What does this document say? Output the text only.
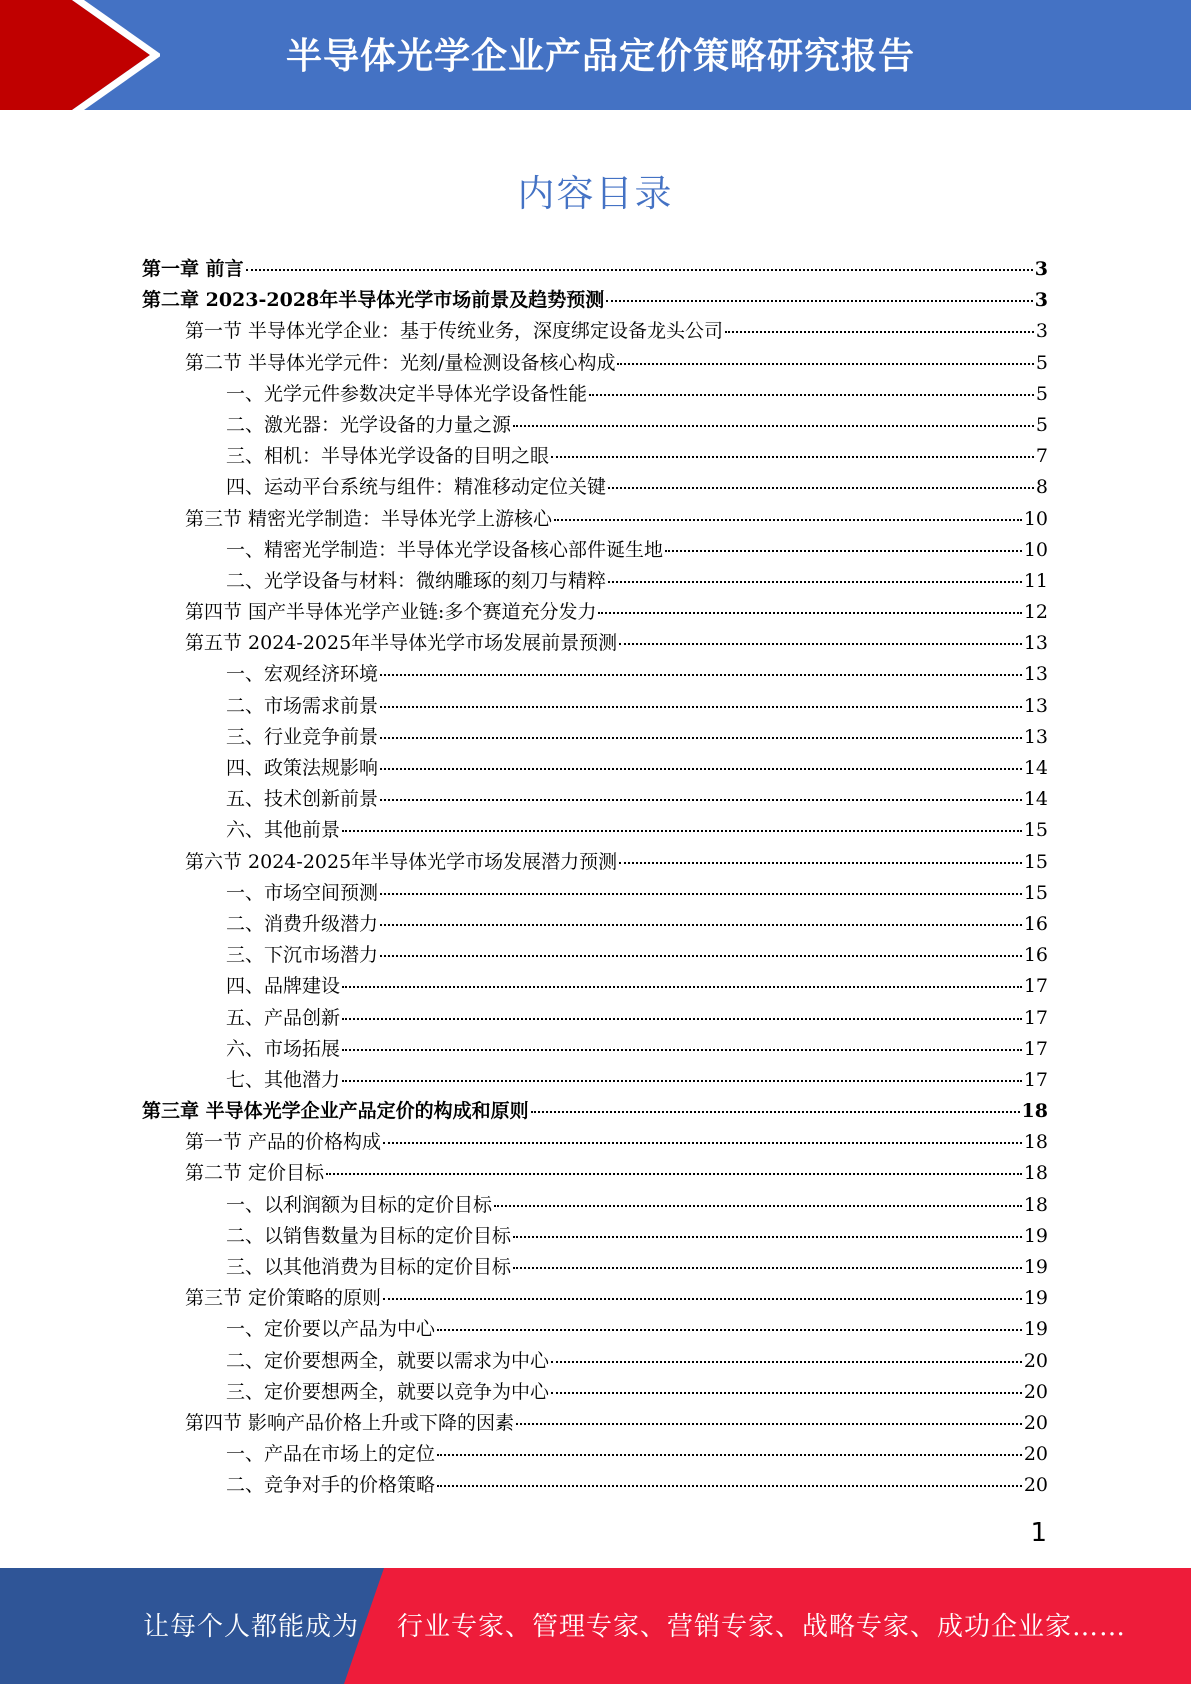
半导体光学企业产品定价策略研究报告
内容目录
第一章 前言	3
第二章 2023-2028年半导体光学市场前景及趋势预测	3
第一节 半导体光学企业：基于传统业务，深度绑定设备龙头公司	3
第二节 半导体光学元件：光刻/量检测设备核心构成	5
一、光学元件参数决定半导体光学设备性能	5
二、激光器：光学设备的力量之源	5
三、相机：半导体光学设备的目明之眼	7
四、运动平台系统与组件：精准移动定位关键	8
第三节 精密光学制造：半导体光学上游核心	10
一、精密光学制造：半导体光学设备核心部件诞生地	10
二、光学设备与材料：微纳雕琢的刻刀与精粹	11
第四节 国产半导体光学产业链:多个赛道充分发力	12
第五节 2024-2025年半导体光学市场发展前景预测	13
一、宏观经济环境	13
二、市场需求前景	13
三、行业竞争前景	13
四、政策法规影响	14
五、技术创新前景	14
六、其他前景	15
第六节 2024-2025年半导体光学市场发展潜力预测	15
一、市场空间预测	15
二、消费升级潜力	16
三、下沉市场潜力	16
四、品牌建设	17
五、产品创新	17
六、市场拓展	17
七、其他潜力	17
第三章 半导体光学企业产品定价的构成和原则	18
第一节 产品的价格构成	18
第二节 定价目标	18
一、以利润额为目标的定价目标	18
二、以销售数量为目标的定价目标	19
三、以其他消费为目标的定价目标	19
第三节 定价策略的原则	19
一、定价要以产品为中心	19
二、定价要想两全，就要以需求为中心	20
三、定价要想两全，就要以竞争为中心	20
第四节 影响产品价格上升或下降的因素	20
一、产品在市场上的定位	20
二、竞争对手的价格策略	20
1
让每个人都能成为 行业专家、管理专家、营销专家、战略专家、成功企业家……
